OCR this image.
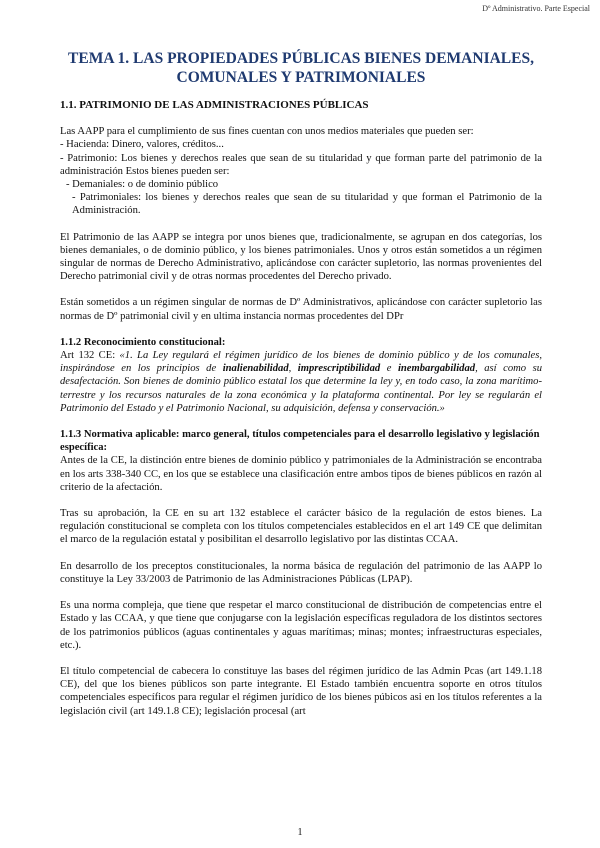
Dº Administrativo. Parte Especial
TEMA 1. LAS PROPIEDADES PÚBLICAS BIENES DEMANIALES, COMUNALES Y PATRIMONIALES
1.1. PATRIMONIO DE LAS ADMINISTRACIONES PÚBLICAS

Las AAPP para el cumplimiento de sus fines cuentan con unos medios materiales que pueden ser:
- Hacienda: Dinero, valores, créditos...
- Patrimonio: Los bienes y derechos reales que sean de su titularidad y que forman parte del patrimonio de la administración Estos bienes pueden ser:
- Demaniales: o de dominio público
- Patrimoniales: los bienes y derechos reales que sean de su titularidad y que forman el Patrimonio de la Administración.

El Patrimonio de las AAPP se integra por unos bienes que, tradicionalmente, se agrupan en dos categorías, los bienes demaniales, o de dominio público, y los bienes patrimoniales. Unos y otros están sometidos a un régimen singular de normas de Derecho Administrativo, aplicándose con carácter supletorio, las normas provenientes del Derecho patrimonial civil y de otras normas procedentes del Derecho privado.

Están sometidos a un régimen singular de normas de Dº Administrativos, aplicándose con carácter supletorio las normas de Dº patrimonial civil y en ultima instancia normas procedentes del DPr

1.1.2 Reconocimiento constitucional:

Art 132 CE: «1. La Ley regulará el régimen jurídico de los bienes de dominio público y de los comunales, inspirándose en los principios de inalienabilidad, imprescriptibilidad e inembargabilidad, así como su desafectación. Son bienes de dominio público estatal los que determine la ley y, en todo caso, la zona marítimo-terrestre y los recursos naturales de la zona económica y la plataforma continental. Por ley se regularán el Patrimonio del Estado y el Patrimonio Nacional, su adquisición, defensa y conservación.»

1.1.3 Normativa aplicable: marco general, títulos competenciales para el desarrollo legislativo y legislación específica:

Antes de la CE, la distinción entre bienes de dominio público y patrimoniales de la Administración se encontraba en los arts 338-340 CC, en los que se establece una clasificación entre ambos tipos de bienes públicos en razón al criterio de la afectación.

Tras su aprobación, la CE en su art 132 establece el carácter básico de la regulación de estos bienes. La regulación constitucional se completa con los títulos competenciales establecidos en el art 149 CE que delimitan el marco de la regulación estatal y posibilitan el desarrollo legislativo por las distintas CCAA.

En desarrollo de los preceptos constitucionales, la norma básica de regulación del patrimonio de las AAPP lo constituye la Ley 33/2003 de Patrimonio de las Administraciones Públicas (LPAP).

Es una norma compleja, que tiene que respetar el marco constitucional de distribución de competencias entre el Estado y las CCAA, y que tiene que conjugarse con la legislación específicas reguladora de los distintos sectores de los patrimonios públicos (aguas continentales y aguas marítimas; minas; montes; infraestructuras especiales, etc.).

El título competencial de cabecera lo constituye las bases del régimen jurídico de las Admin Pcas (art 149.1.18 CE), del que los bienes públicos son parte integrante. El Estado también encuentra soporte en otros títulos competenciales específicos para regular el régimen jurídico de los bienes púbicos asi en los títulos referentes a la legislación civil (art 149.1.8 CE); legislación procesal (art

1
